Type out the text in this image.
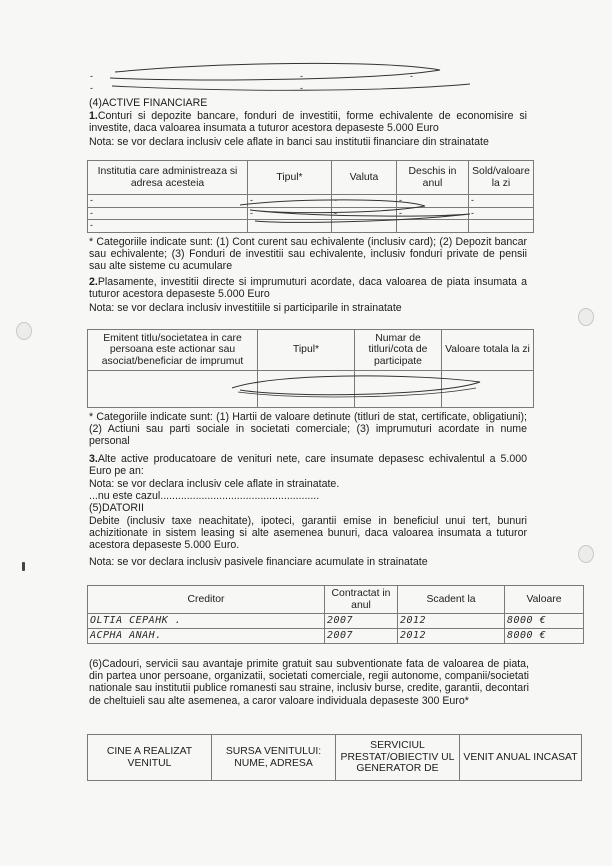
-	-	-
-	-
(4)ACTIVE FINANCIARE

1.Conturi si depozite bancare, fonduri de investitii, forme echivalente de economisire si investite, daca valoarea insumata a tuturor acestora depaseste 5.000 Euro

Nota: se vor declara inclusiv cele aflate in banci sau institutii financiare din strainatate
Institutia care administreaza si adresa acesteia	Tipul*	Valuta	Deschis in anul	Sold/valoare la zi
-	-	-	-	-
-	-	-	-	-
-				

* Categoriile indicate sunt: (1) Cont curent sau echivalente (inclusiv card); (2) Depozit bancar sau echivalente; (3) Fonduri de investitii sau echivalente, inclusiv fonduri private de pensii sau alte sisteme cu acumulare

2.Plasamente, investitii directe si imprumuturi acordate, daca valoarea de piata insumata a tuturor acestora depaseste 5.000 Euro

Nota: se vor declara inclusiv investitiile si participarile in strainatate
Emitent titlu/societatea in care persoana este actionar sau asociat/beneficiar de imprumut	Tipul*	Numar de titluri/cota de participate	Valoare totala la zi

* Categoriile indicate sunt: (1) Hartii de valoare detinute (titluri de stat, certificate, obligatiuni); (2) Actiuni sau parti sociale in societati comerciale; (3) imprumuturi acordate in nume personal

3.Alte active producatoare de venituri nete, care insumate depasesc echivalentul a 5.000 Euro pe an:

Nota: se vor declara inclusiv cele aflate in strainatate.
...nu este cazul......................................................
(5)DATORII

Debite (inclusiv taxe neachitate), ipoteci, garantii emise in beneficiul unui tert, bunuri achizitionate in sistem leasing si alte asemenea bunuri, daca valoarea insumata a tuturor acestora depaseste 5.000 Euro.

Nota: se vor declara inclusiv pasivele financiare acumulate in strainatate
Creditor	Contractat in anul	Scadent la	Valoare
OLTIA CEPAHK .	2007	2012	8000 €
ACPHA ANAH.	2007	2012	8000 €

(6)Cadouri, servicii sau avantaje primite gratuit sau subventionate fata de valoarea de piata, din partea unor persoane, organizatii, societati comerciale, regii autonome, companii/societati nationale sau institutii publice romanesti sau straine, inclusiv burse, credite, garantii, decontari de cheltuieli sau alte asemenea, a caror valoare individuala depaseste 300 Euro*

CINE A REALIZAT VENITUL	SURSA VENITULUI: NUME, ADRESA	SERVICIUL PRESTAT/OBIECTIV UL GENERATOR DE	VENIT ANUAL INCASAT
